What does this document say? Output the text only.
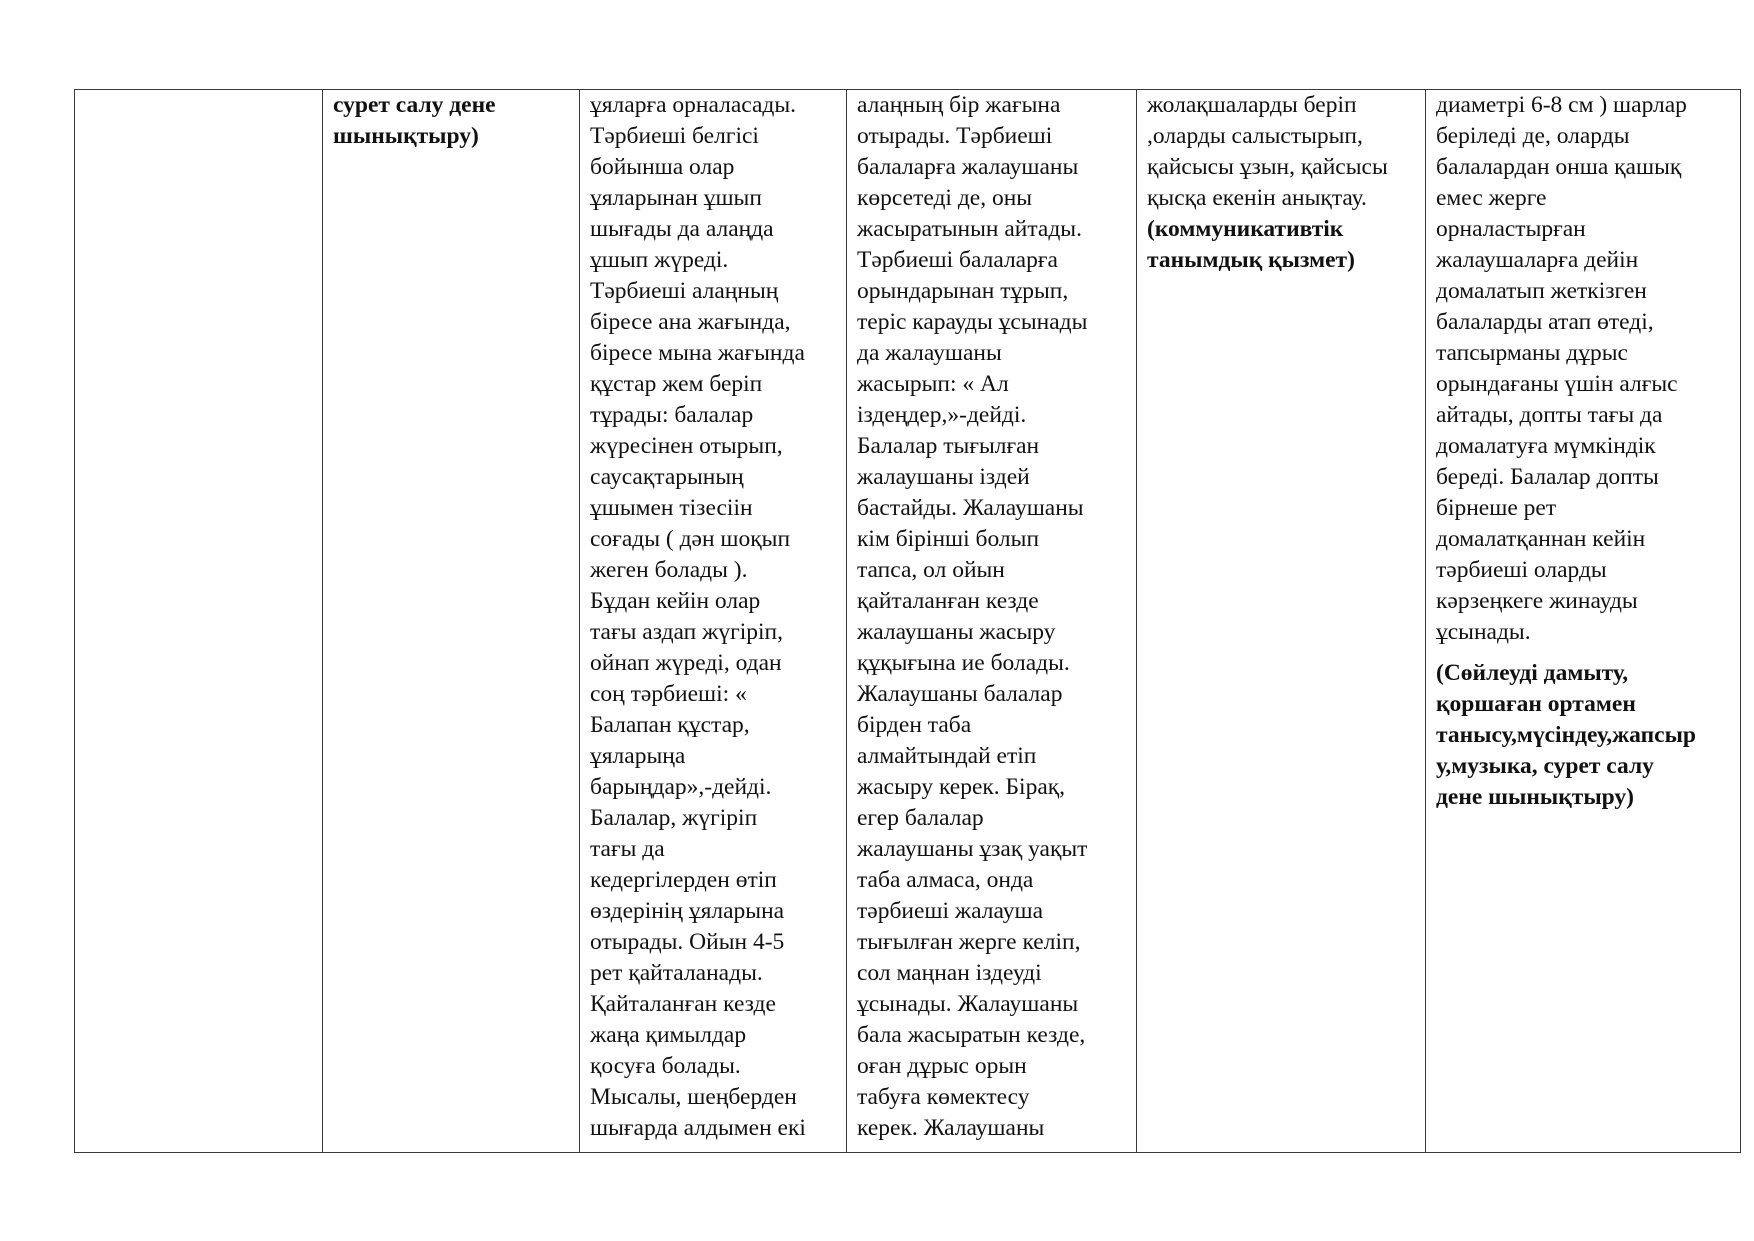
сурет салу дене
шынықтыру)

ұяларға орналасады.
Тәрбиеші белгісі
бойынша олар
ұяларынан ұшып
шығады да алаңда
ұшып жүреді.
Тәрбиеші алаңның
біресе ана жағында,
біресе мына жағында
құстар жем беріп
тұрады: балалар
жүресінен отырып,
саусақтарының
ұшымен тізесіін
соғады ( дән шоқып
жеген болады ).
Бұдан кейін олар
тағы аздап жүгіріп,
ойнап жүреді, одан
соң тәрбиеші: «
Балапан құстар,
ұяларыңа
барыңдар»,-дейді.
Балалар, жүгіріп
тағы да
кедергілерден өтіп
өздерінің ұяларына
отырады. Ойын 4-5
рет қайталанады.
Қайталанған кезде
жаңа қимылдар
қосуға болады.
Мысалы, шеңберден
шығарда алдымен екі

алаңның бір жағына
отырады. Тәрбиеші
балаларға жалаушаны
көрсетеді де, оны
жасыратынын айтады.
Тәрбиеші балаларға
орындарынан тұрып,
теріс карауды ұсынады
да жалаушаны
жасырып: « Ал
іздеңдер,»-дейді.
Балалар тығылған
жалаушаны іздей
бастайды. Жалаушаны
кім бірінші болып
тапса, ол ойын
қайталанған кезде
жалаушаны жасыру
құқығына ие болады.
Жалаушаны балалар
бірден таба
алмайтындай етіп
жасыру керек. Бірақ,
егер балалар
жалаушаны ұзақ уақыт
таба алмаса, онда
тәрбиеші жалауша
тығылған жерге келіп,
сол маңнан іздеуді
ұсынады. Жалаушаны
бала жасыратын кезде,
оған дұрыс орын
табуға көмектесу
керек. Жалаушаны

жолақшаларды беріп
,оларды салыстырып,
қайсысы ұзын, қайсысы
қысқа екенін анықтау.
(коммуникативтік
танымдық қызмет)

диаметрі 6-8 см ) шарлар
беріледі де, оларды
балалардан онша қашық
емес жерге
орналастырған
жалаушаларға дейін
домалатып жеткізген
балаларды атап өтеді,
тапсырманы дұрыс
орындағаны үшін алғыс
айтады, допты тағы да
домалатуға мүмкіндік
береді. Балалар допты
бірнеше рет
домалатқаннан кейін
тәрбиеші оларды
кәрзеңкеге жинауды
ұсынады.
(Сөйлеуді дамыту,
қоршаған ортамен
танысу,мүсіндеу,жапсыр
у,музыка, сурет салу
дене шынықтыру)
